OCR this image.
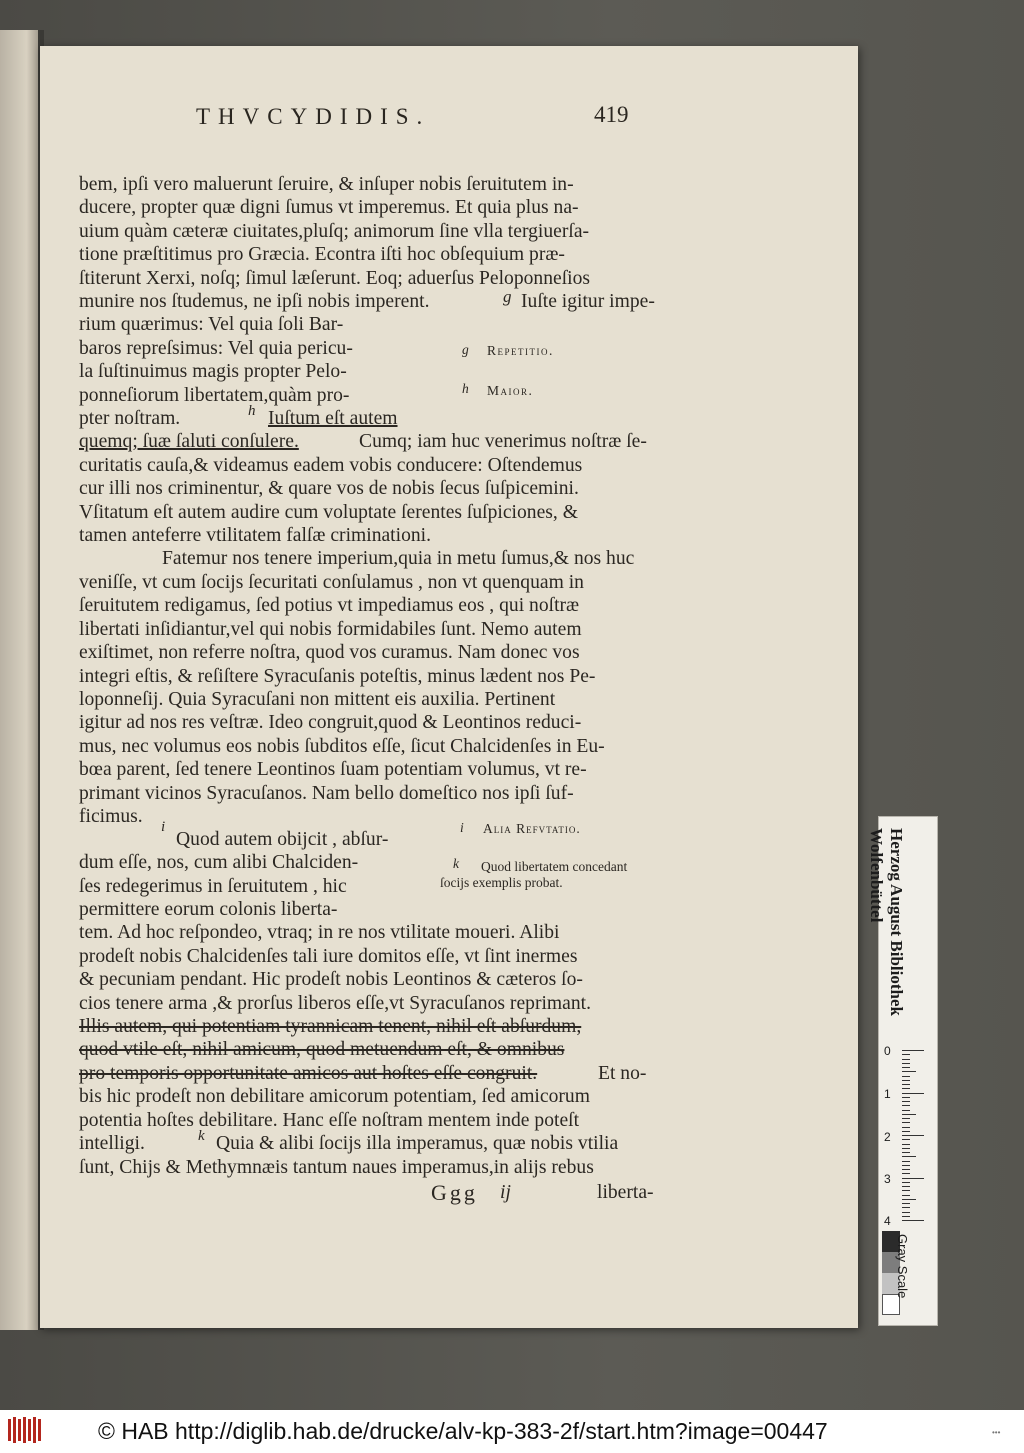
THVCYDIDIS.	419
bem, ipſi vero maluerunt ſeruire, & inſuper nobis ſeruitutem in-
ducere, propter quæ digni ſumus vt imperemus. Et quia plus na-
uium quàm cæteræ ciuitates,pluſq; animorum ſine vlla tergiuerſa-
tione præſtitimus pro Græcia. Econtra iſti hoc obſequium præ-
ſtiterunt Xerxi, noſq; ſimul læſerunt. Eoq; aduerſus Peloponneſios
munire nos ſtudemus, ne ipſi nobis imperent.	g Iuſte igitur impe-
rium quærimus: Vel quia ſoli Bar-
baros repreſsimus: Vel quia pericu-
la ſuſtinuimus magis propter Pelo-
ponneſiorum libertatem,quàm pro-
pter noſtram.	h Iuſtum eſt autem
g Repetitio.
h Maior.
quemq; ſuæ ſaluti conſulere.	Cumq; iam huc venerimus noſtræ ſe-
curitatis cauſa,& videamus eadem vobis conducere: Oſtendemus
cur illi nos criminentur, & quare vos de nobis ſecus ſuſpicemini.
Vſitatum eſt autem audire cum voluptate ſerentes ſuſpiciones, &
tamen anteferre vtilitatem falſæ criminationi.
Fatemur nos tenere imperium,quia in metu ſumus,& nos huc
veniſſe, vt cum ſocijs ſecuritati conſulamus , non vt quenquam in
ſeruitutem redigamus, ſed potius vt impediamus eos , qui noſtræ
libertati inſidiantur,vel qui nobis formidabiles ſunt. Nemo autem
exiſtimet, non referre noſtra, quod vos curamus. Nam donec vos
integri eſtis, & reſiſtere Syracuſanis poteſtis, minus lædent nos Pe-
loponneſij. Quia Syracuſani non mittent eis auxilia. Pertinent
igitur ad nos res veſtræ. Ideo congruit,quod & Leontinos reduci-
mus, nec volumus eos nobis ſubditos eſſe, ſicut Chalcidenſes in Eu-
bœa parent, ſed tenere Leontinos ſuam potentiam volumus, vt re-
primant vicinos Syracuſanos. Nam bello domeſtico nos ipſi ſuf-
ficimus. i
Quod autem obijcit , abſur-
dum eſſe, nos, cum alibi Chalciden-
ſes redegerimus in ſeruitutem , hic
permittere eorum colonis liberta-
i Alia Refvtatio.
k Quod libertatem concedant
ſocijs exemplis probat.
tem. Ad hoc reſpondeo, vtraq; in re nos vtilitate moueri. Alibi
prodeſt nobis Chalcidenſes tali iure domitos eſſe, vt ſint inermes
& pecuniam pendant. Hic prodeſt nobis Leontinos & cæteros ſo-
cios tenere arma ,& prorſus liberos eſſe,vt Syracuſanos reprimant.
Illis autem, qui potentiam tyrannicam tenent, nihil eſt abſurdum,
quod vtile eſt, nihil amicum, quod metuendum eſt, & omnibus
pro temporis opportunitate amicos aut hoſtes eſſe congruit.	Et no-
bis hic prodeſt non debilitare amicorum potentiam, ſed amicorum
potentia hoſtes debilitare. Hanc eſſe noſtram mentem inde poteſt
intelligi.	k Quia & alibi ſocijs illa imperamus, quæ nobis vtilia
ſunt, Chijs & Methymnæis tantum naues imperamus,in alijs rebus
Ggg ij	liberta-
Herzog August Bibliothek
Wolfenbüttel
0
1
2
3
4
Gray Scale
© HAB http://diglib.hab.de/drucke/alv-kp-383-2f/start.htm?image=00447	•••
